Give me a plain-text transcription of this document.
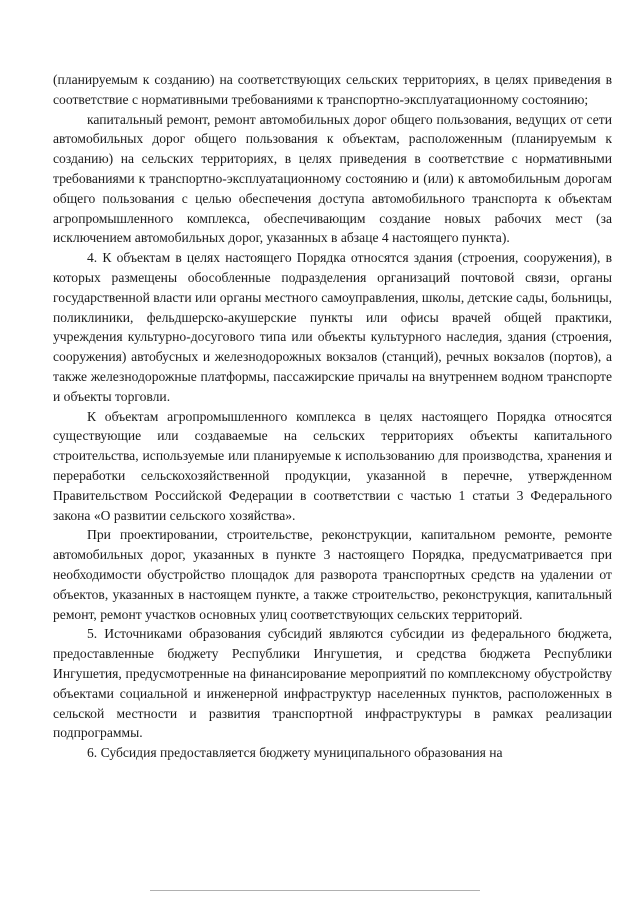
(планируемым к созданию) на соответствующих сельских территориях, в целях приведения в соответствие с нормативными требованиями к транспортно-эксплуатационному состоянию;

капитальный ремонт, ремонт автомобильных дорог общего пользования, ведущих от сети автомобильных дорог общего пользования к объектам, расположенным (планируемым к созданию) на сельских территориях, в целях приведения в соответствие с нормативными требованиями к транспортно-эксплуатационному состоянию и (или) к автомобильным дорогам общего пользования с целью обеспечения доступа автомобильного транспорта к объектам агропромышленного комплекса, обеспечивающим создание новых рабочих мест (за исключением автомобильных дорог, указанных в абзаце 4 настоящего пункта).

4. К объектам в целях настоящего Порядка относятся здания (строения, сооружения), в которых размещены обособленные подразделения организаций почтовой связи, органы государственной власти или органы местного самоуправления, школы, детские сады, больницы, поликлиники, фельдшерско-акушерские пункты или офисы врачей общей практики, учреждения культурно-досугового типа или объекты культурного наследия, здания (строения, сооружения) автобусных и железнодорожных вокзалов (станций), речных вокзалов (портов), а также железнодорожные платформы, пассажирские причалы на внутреннем водном транспорте и объекты торговли.

К объектам агропромышленного комплекса в целях настоящего Порядка относятся существующие или создаваемые на сельских территориях объекты капитального строительства, используемые или планируемые к использованию для производства, хранения и переработки сельскохозяйственной продукции, указанной в перечне, утвержденном Правительством Российской Федерации в соответствии с частью 1 статьи 3 Федерального закона «О развитии сельского хозяйства».

При проектировании, строительстве, реконструкции, капитальном ремонте, ремонте автомобильных дорог, указанных в пункте 3 настоящего Порядка, предусматривается при необходимости обустройство площадок для разворота транспортных средств на удалении от объектов, указанных в настоящем пункте, а также строительство, реконструкция, капитальный ремонт, ремонт участков основных улиц соответствующих сельских территорий.

5. Источниками образования субсидий являются субсидии из федерального бюджета, предоставленные бюджету Республики Ингушетия, и средства бюджета Республики Ингушетия, предусмотренные на финансирование мероприятий по комплексному обустройству объектами социальной и инженерной инфраструктур населенных пунктов, расположенных в сельской местности и развития транспортной инфраструктуры в рамках реализации подпрограммы.

6. Субсидия предоставляется бюджету муниципального образования на
